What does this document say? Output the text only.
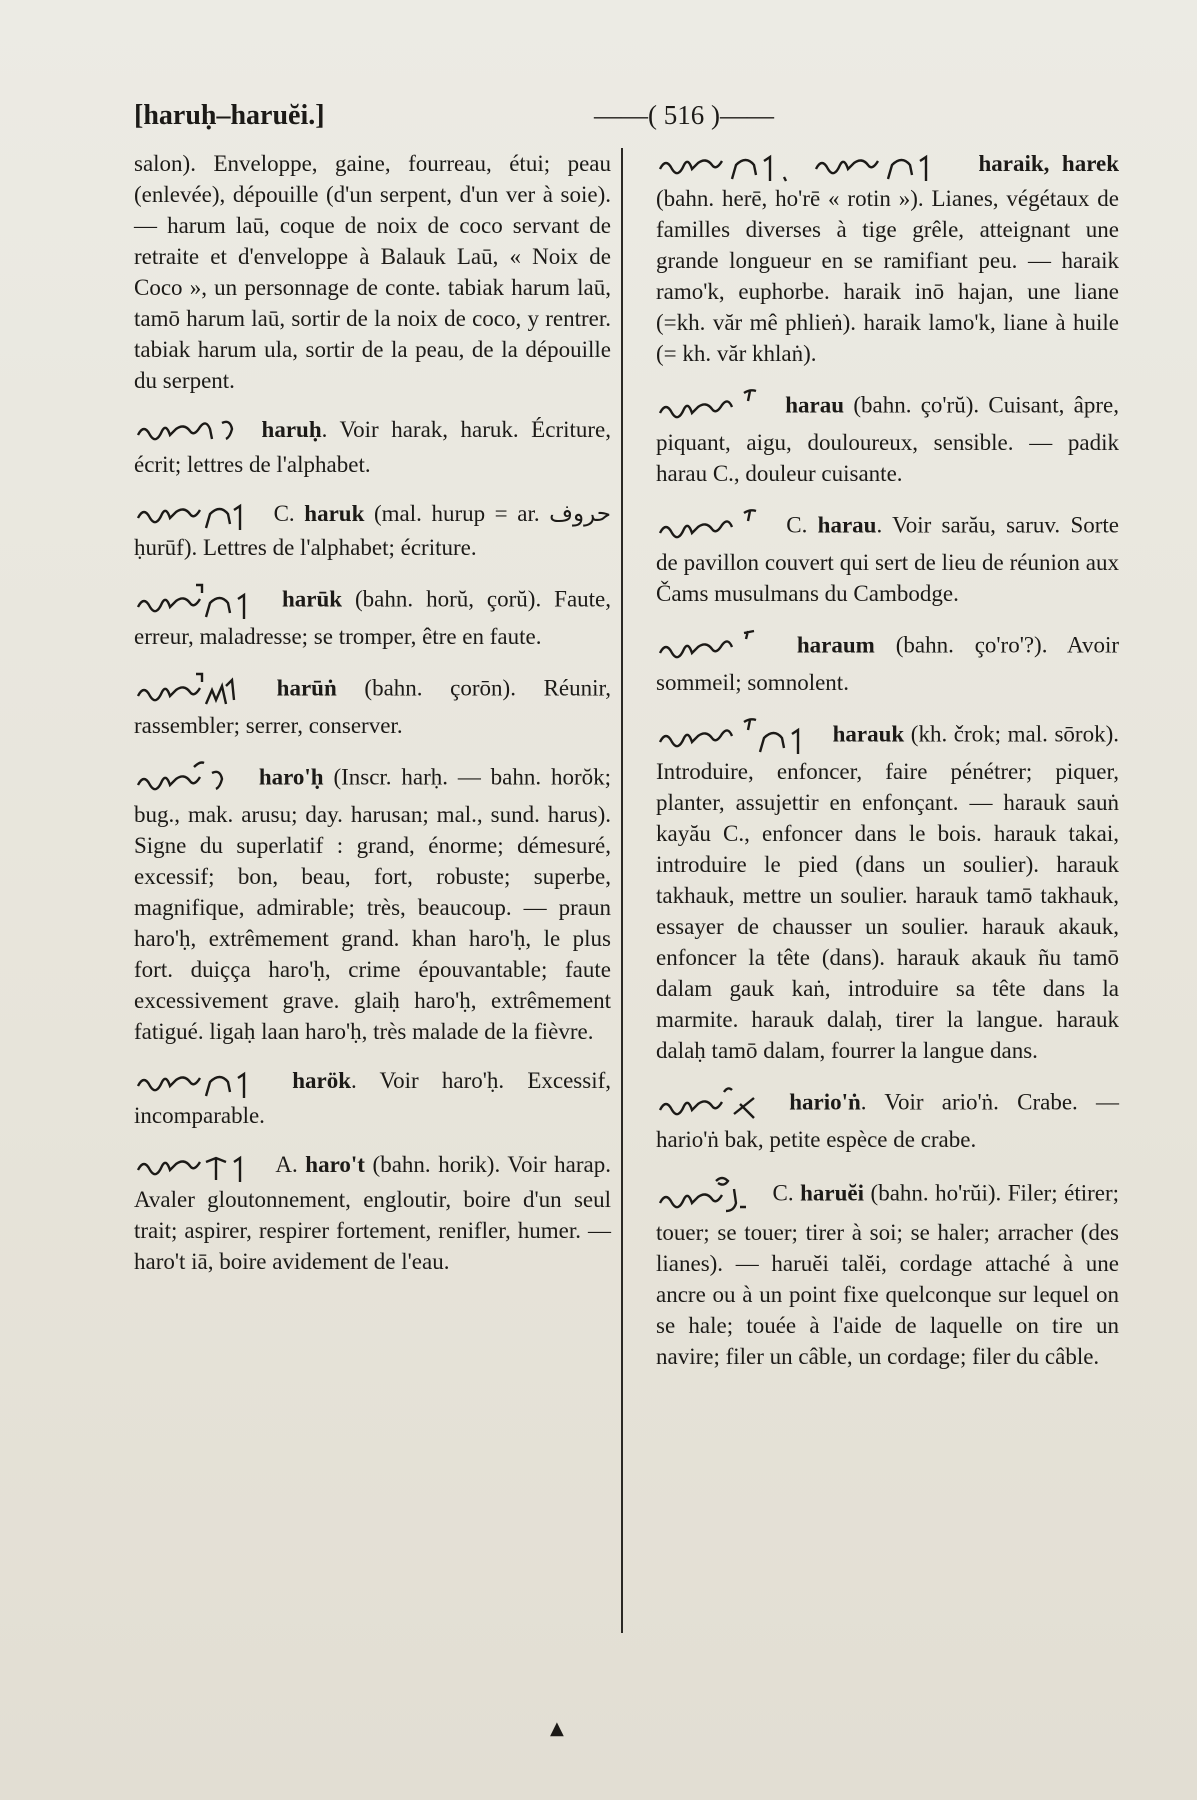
[haruḥ–haruĕi.]	——( 516 )——

salon). Enveloppe, gaine, fourreau, étui; peau (enlevée), dépouille (d'un serpent, d'un ver à soie). — harum laū, coque de noix de coco servant de retraite et d'enveloppe à Balauk Laū, « Noix de Coco », un personnage de conte. tabiak harum laū, tamō harum laū, sortir de la noix de coco, y rentrer. tabiak harum ula, sortir de la peau, de la dépouille du serpent.

haruḥ. Voir harak, haruk. Écriture, écrit; lettres de l'alphabet.

C. haruk (mal. hurup = ar. حروف ḥurūf). Lettres de l'alphabet; écriture.

harūk (bahn. horŭ, çorŭ). Faute, erreur, maladresse; se tromper, être en faute.

harūṅ (bahn. çorōn). Réunir, rassembler; serrer, conserver.

haro'ḥ (Inscr. harḥ. — bahn. horŏk; bug., mak. arusu; day. harusan; mal., sund. harus). Signe du superlatif : grand, énorme; démesuré, excessif; bon, beau, fort, robuste; superbe, magnifique, admirable; très, beaucoup. — praun haro'ḥ, extrêmement grand. khan haro'ḥ, le plus fort. duiçça haro'ḥ, crime épouvantable; faute excessivement grave. glaiḥ haro'ḥ, extrêmement fatigué. ligaḥ laan haro'ḥ, très malade de la fièvre.

harök. Voir haro'ḥ. Excessif, incomparable.

A. haro't (bahn. horik). Voir harap. Avaler gloutonnement, engloutir, boire d'un seul trait; aspirer, respirer fortement, renifler, humer. — haro't iā, boire avidement de l'eau.

haraik, harek (bahn. herē, ho'rē « rotin »). Lianes, végétaux de familles diverses à tige grêle, atteignant une grande longueur en se ramifiant peu. — haraik ramo'k, euphorbe. haraik inō hajan, une liane (=kh. văr mê phlieṅ). haraik lamo'k, liane à huile (= kh. văr khlaṅ).

harau (bahn. ço'rŭ). Cuisant, âpre, piquant, aigu, douloureux, sensible. — padik harau C., douleur cuisante.

C. harau. Voir sarău, saruv. Sorte de pavillon couvert qui sert de lieu de réunion aux Čams musulmans du Cambodge.

haraum (bahn. ço'ro'?). Avoir sommeil; somnolent.

harauk (kh. črok; mal. sōrok). Introduire, enfoncer, faire pénétrer; piquer, planter, assujettir en enfonçant. — harauk sauṅ kayău C., enfoncer dans le bois. harauk takai, introduire le pied (dans un soulier). harauk takhauk, mettre un soulier. harauk tamō takhauk, essayer de chausser un soulier. harauk akauk, enfoncer la tête (dans). harauk akauk ñu tamō dalam gauk kaṅ, introduire sa tête dans la marmite. harauk dalaḥ, tirer la langue. harauk dalaḥ tamō dalam, fourrer la langue dans.

hario'ṅ. Voir ario'ṅ. Crabe. — hario'ṅ bak, petite espèce de crabe.

C. haruĕi (bahn. ho'rŭi). Filer; étirer; touer; se touer; tirer à soi; se haler; arracher (des lianes). — haruĕi talĕi, cordage attaché à une ancre ou à un point fixe quelconque sur lequel on se hale; touée à l'aide de laquelle on tire un navire; filer un câble, un cordage; filer du câble.

▲
